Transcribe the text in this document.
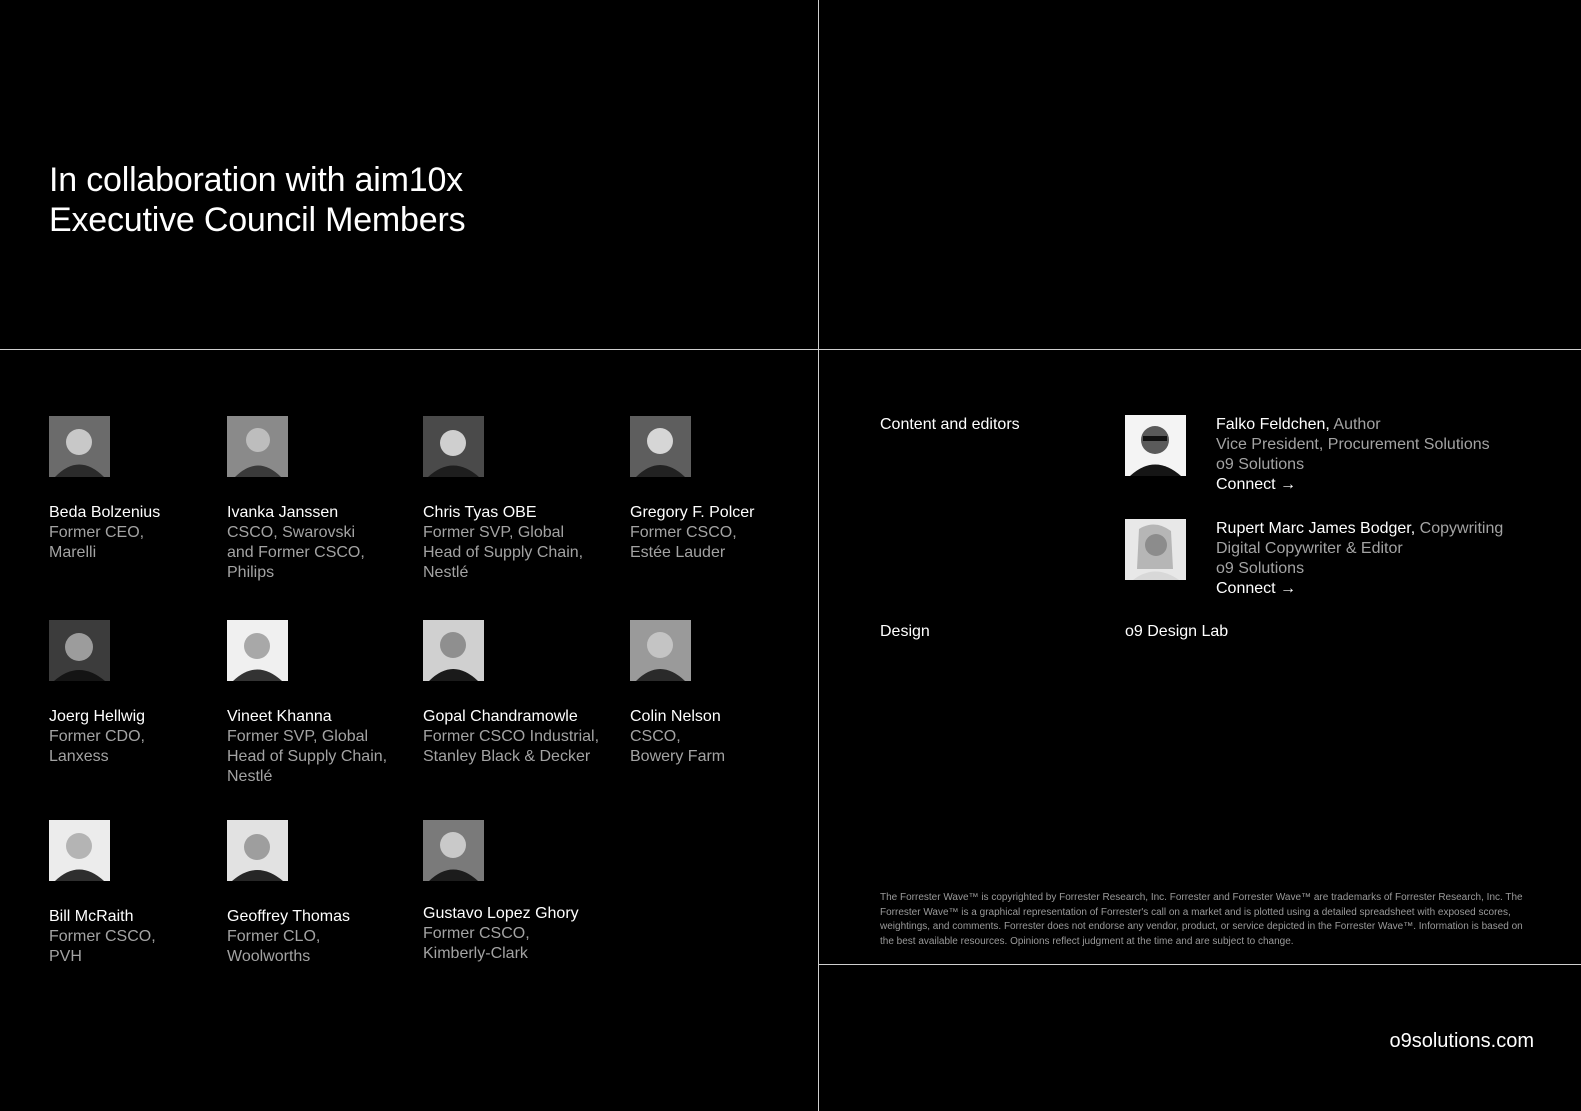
In collaboration with aim10x
Executive Council Members
Beda Bolzenius
Former CEO,
Marelli
Ivanka Janssen
CSCO, Swarovski
and Former CSCO,
Philips
Chris Tyas OBE
Former SVP, Global
Head of Supply Chain,
Nestlé
Gregory F. Polcer
Former CSCO,
Estée Lauder
Joerg Hellwig
Former CDO,
Lanxess
Vineet Khanna
Former SVP, Global
Head of Supply Chain,
Nestlé
Gopal Chandramowle
Former CSCO Industrial,
Stanley Black & Decker
Colin Nelson
CSCO,
Bowery Farm
Bill McRaith
Former CSCO,
PVH
Geoffrey Thomas
Former CLO,
Woolworths
Gustavo Lopez Ghory
Former CSCO,
Kimberly-Clark
Content and editors	Falko Feldchen, Author
Vice President, Procurement Solutions
o9 Solutions
Connect →
Rupert Marc James Bodger, Copywriting
Digital Copywriter & Editor
o9 Solutions
Connect →
Design	o9 Design Lab

The Forrester Wave™ is copyrighted by Forrester Research, Inc. Forrester and Forrester Wave™ are trademarks of Forrester Research, Inc. The Forrester Wave™ is a graphical representation of Forrester's call on a market and is plotted using a detailed spreadsheet with exposed scores, weightings, and comments. Forrester does not endorse any vendor, product, or service depicted in the Forrester Wave™. Information is based on the best available resources. Opinions reflect judgment at the time and are subject to change.

o9solutions.com
